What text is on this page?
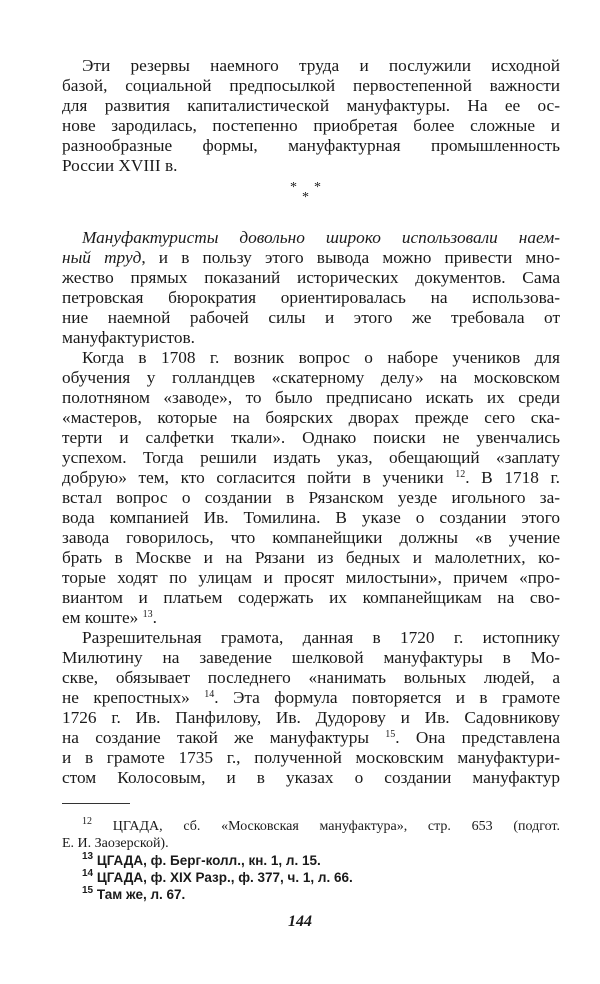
Эти резервы наемного труда и послужили исходной
базой, социальной предпосылкой первостепенной важности
для развития капиталистической мануфактуры. На ее ос-
нове зародилась, постепенно приобретая более сложные и
разнообразные формы, мануфактурная промышленность
России XVIII в.
* *
*
Мануфактуристы довольно широко использовали наем-
ный труд, и в пользу этого вывода можно привести мно-
жество прямых показаний исторических документов. Сама
петровская бюрократия ориентировалась на использова-
ние наемной рабочей силы и этого же требовала от
мануфактуристов.
Когда в 1708 г. возник вопрос о наборе учеников для
обучения у голландцев «скатерному делу» на московском
полотняном «заводе», то было предписано искать их среди
«мастеров, которые на боярских дворах прежде сего ска-
терти и салфетки ткали». Однако поиски не увенчались
успехом. Тогда решили издать указ, обещающий «заплату
добрую» тем, кто согласится пойти в ученики $^{12}$. В 1718 г.
встал вопрос о создании в Рязанском уезде игольного за-
вода компанией Ив. Томилина. В указе о создании этого
завода говорилось, что компанейщики должны «в учение
брать в Москве и на Рязани из бедных и малолетних, ко-
торые ходят по улицам и просят милостыни», причем «про-
виантом и платьем содержать их компанейщикам на сво-
ем коште» $^{13}$.
Разрешительная грамота, данная в 1720 г. истопнику
Милютину на заведение шелковой мануфактуры в Мо-
скве, обязывает последнего «нанимать вольных людей, а
не крепостных» $^{14}$. Эта формула повторяется и в грамоте
1726 г. Ив. Панфилову, Ив. Дудорову и Ив. Садовникову
на создание такой же мануфактуры $^{15}$. Она представлена
и в грамоте 1735 г., полученной московским мануфактури-
стом Колосовым, и в указах о создании мануфактур
$^{12}$ ЦГАДА, сб. «Московская мануфактура», стр. 653 (подгот.
Е. И. Заозерской).
$^{13}$ ЦГАДА, ф. Берг-колл., кн. 1, л. 15.
$^{14}$ ЦГАДА, ф. XIX Разр., ф. 377, ч. 1, л. 66.
$^{15}$ Там же, л. 67.
144
